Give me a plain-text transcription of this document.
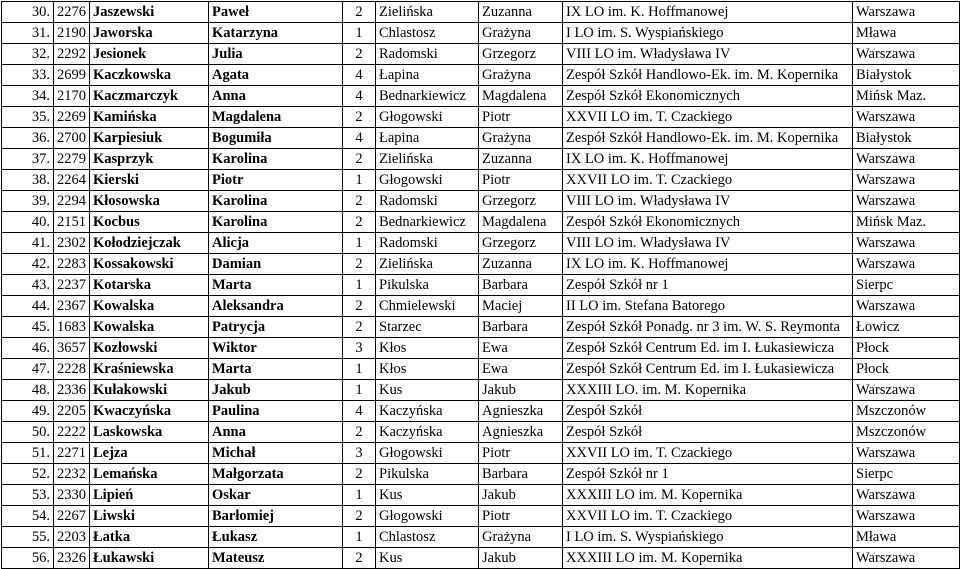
30.	2276	Jaszewski	Paweł	2	Zielińska	Zuzanna	IX LO im. K. Hoffmanowej	Warszawa
31.	2190	Jaworska	Katarzyna	1	Chlastosz	Grażyna	I LO im. S. Wyspiańskiego	Mława
32.	2292	Jesionek	Julia	2	Radomski	Grzegorz	VIII LO im. Władysława IV	Warszawa
33.	2699	Kaczkowska	Agata	4	Łapina	Grażyna	Zespół Szkół Handlowo-Ek. im. M. Kopernika	Białystok
34.	2170	Kaczmarczyk	Anna	4	Bednarkiewicz	Magdalena	Zespół Szkół Ekonomicznych	Mińsk Maz.
35.	2269	Kamińska	Magdalena	2	Głogowski	Piotr	XXVII LO im. T. Czackiego	Warszawa
36.	2700	Karpiesiuk	Bogumiła	4	Łapina	Grażyna	Zespół Szkół Handlowo-Ek. im. M. Kopernika	Białystok
37.	2279	Kasprzyk	Karolina	2	Zielińska	Zuzanna	IX LO im. K. Hoffmanowej	Warszawa
38.	2264	Kierski	Piotr	1	Głogowski	Piotr	XXVII LO im. T. Czackiego	Warszawa
39.	2294	Kłosowska	Karolina	2	Radomski	Grzegorz	VIII LO im. Władysława IV	Warszawa
40.	2151	Kocbus	Karolina	2	Bednarkiewicz	Magdalena	Zespół Szkół Ekonomicznych	Mińsk Maz.
41.	2302	Kołodziejczak	Alicja	1	Radomski	Grzegorz	VIII LO im. Władysława IV	Warszawa
42.	2283	Kossakowski	Damian	2	Zielińska	Zuzanna	IX LO im. K. Hoffmanowej	Warszawa
43.	2237	Kotarska	Marta	1	Pikulska	Barbara	Zespół Szkół nr 1	Sierpc
44.	2367	Kowalska	Aleksandra	2	Chmielewski	Maciej	II LO im. Stefana Batorego	Warszawa
45.	1683	Kowalska	Patrycja	2	Starzec	Barbara	Zespół Szkół Ponadg. nr 3 im. W. S. Reymonta	Łowicz
46.	3657	Kozłowski	Wiktor	3	Kłos	Ewa	Zespół Szkół Centrum Ed. im I. Łukasiewicza	Płock
47.	2228	Kraśniewska	Marta	1	Kłos	Ewa	Zespół Szkół Centrum Ed. im I. Łukasiewicza	Płock
48.	2336	Kułakowski	Jakub	1	Kus	Jakub	XXXIII LO. im. M. Kopernika	Warszawa
49.	2205	Kwaczyńska	Paulina	4	Kaczyńska	Agnieszka	Zespół Szkół	Mszczonów
50.	2222	Laskowska	Anna	2	Kaczyńska	Agnieszka	Zespół Szkół	Mszczonów
51.	2271	Lejza	Michał	3	Głogowski	Piotr	XXVII LO im. T. Czackiego	Warszawa
52.	2232	Lemańska	Małgorzata	2	Pikulska	Barbara	Zespół Szkół nr 1	Sierpc
53.	2330	Lipień	Oskar	1	Kus	Jakub	XXXIII LO im. M. Kopernika	Warszawa
54.	2267	Liwski	Barłomiej	2	Głogowski	Piotr	XXVII LO im. T. Czackiego	Warszawa
55.	2203	Łatka	Łukasz	1	Chlastosz	Grażyna	I LO im. S. Wyspiańskiego	Mława
56.	2326	Łukawski	Mateusz	2	Kus	Jakub	XXXIII LO im. M. Kopernika	Warszawa
